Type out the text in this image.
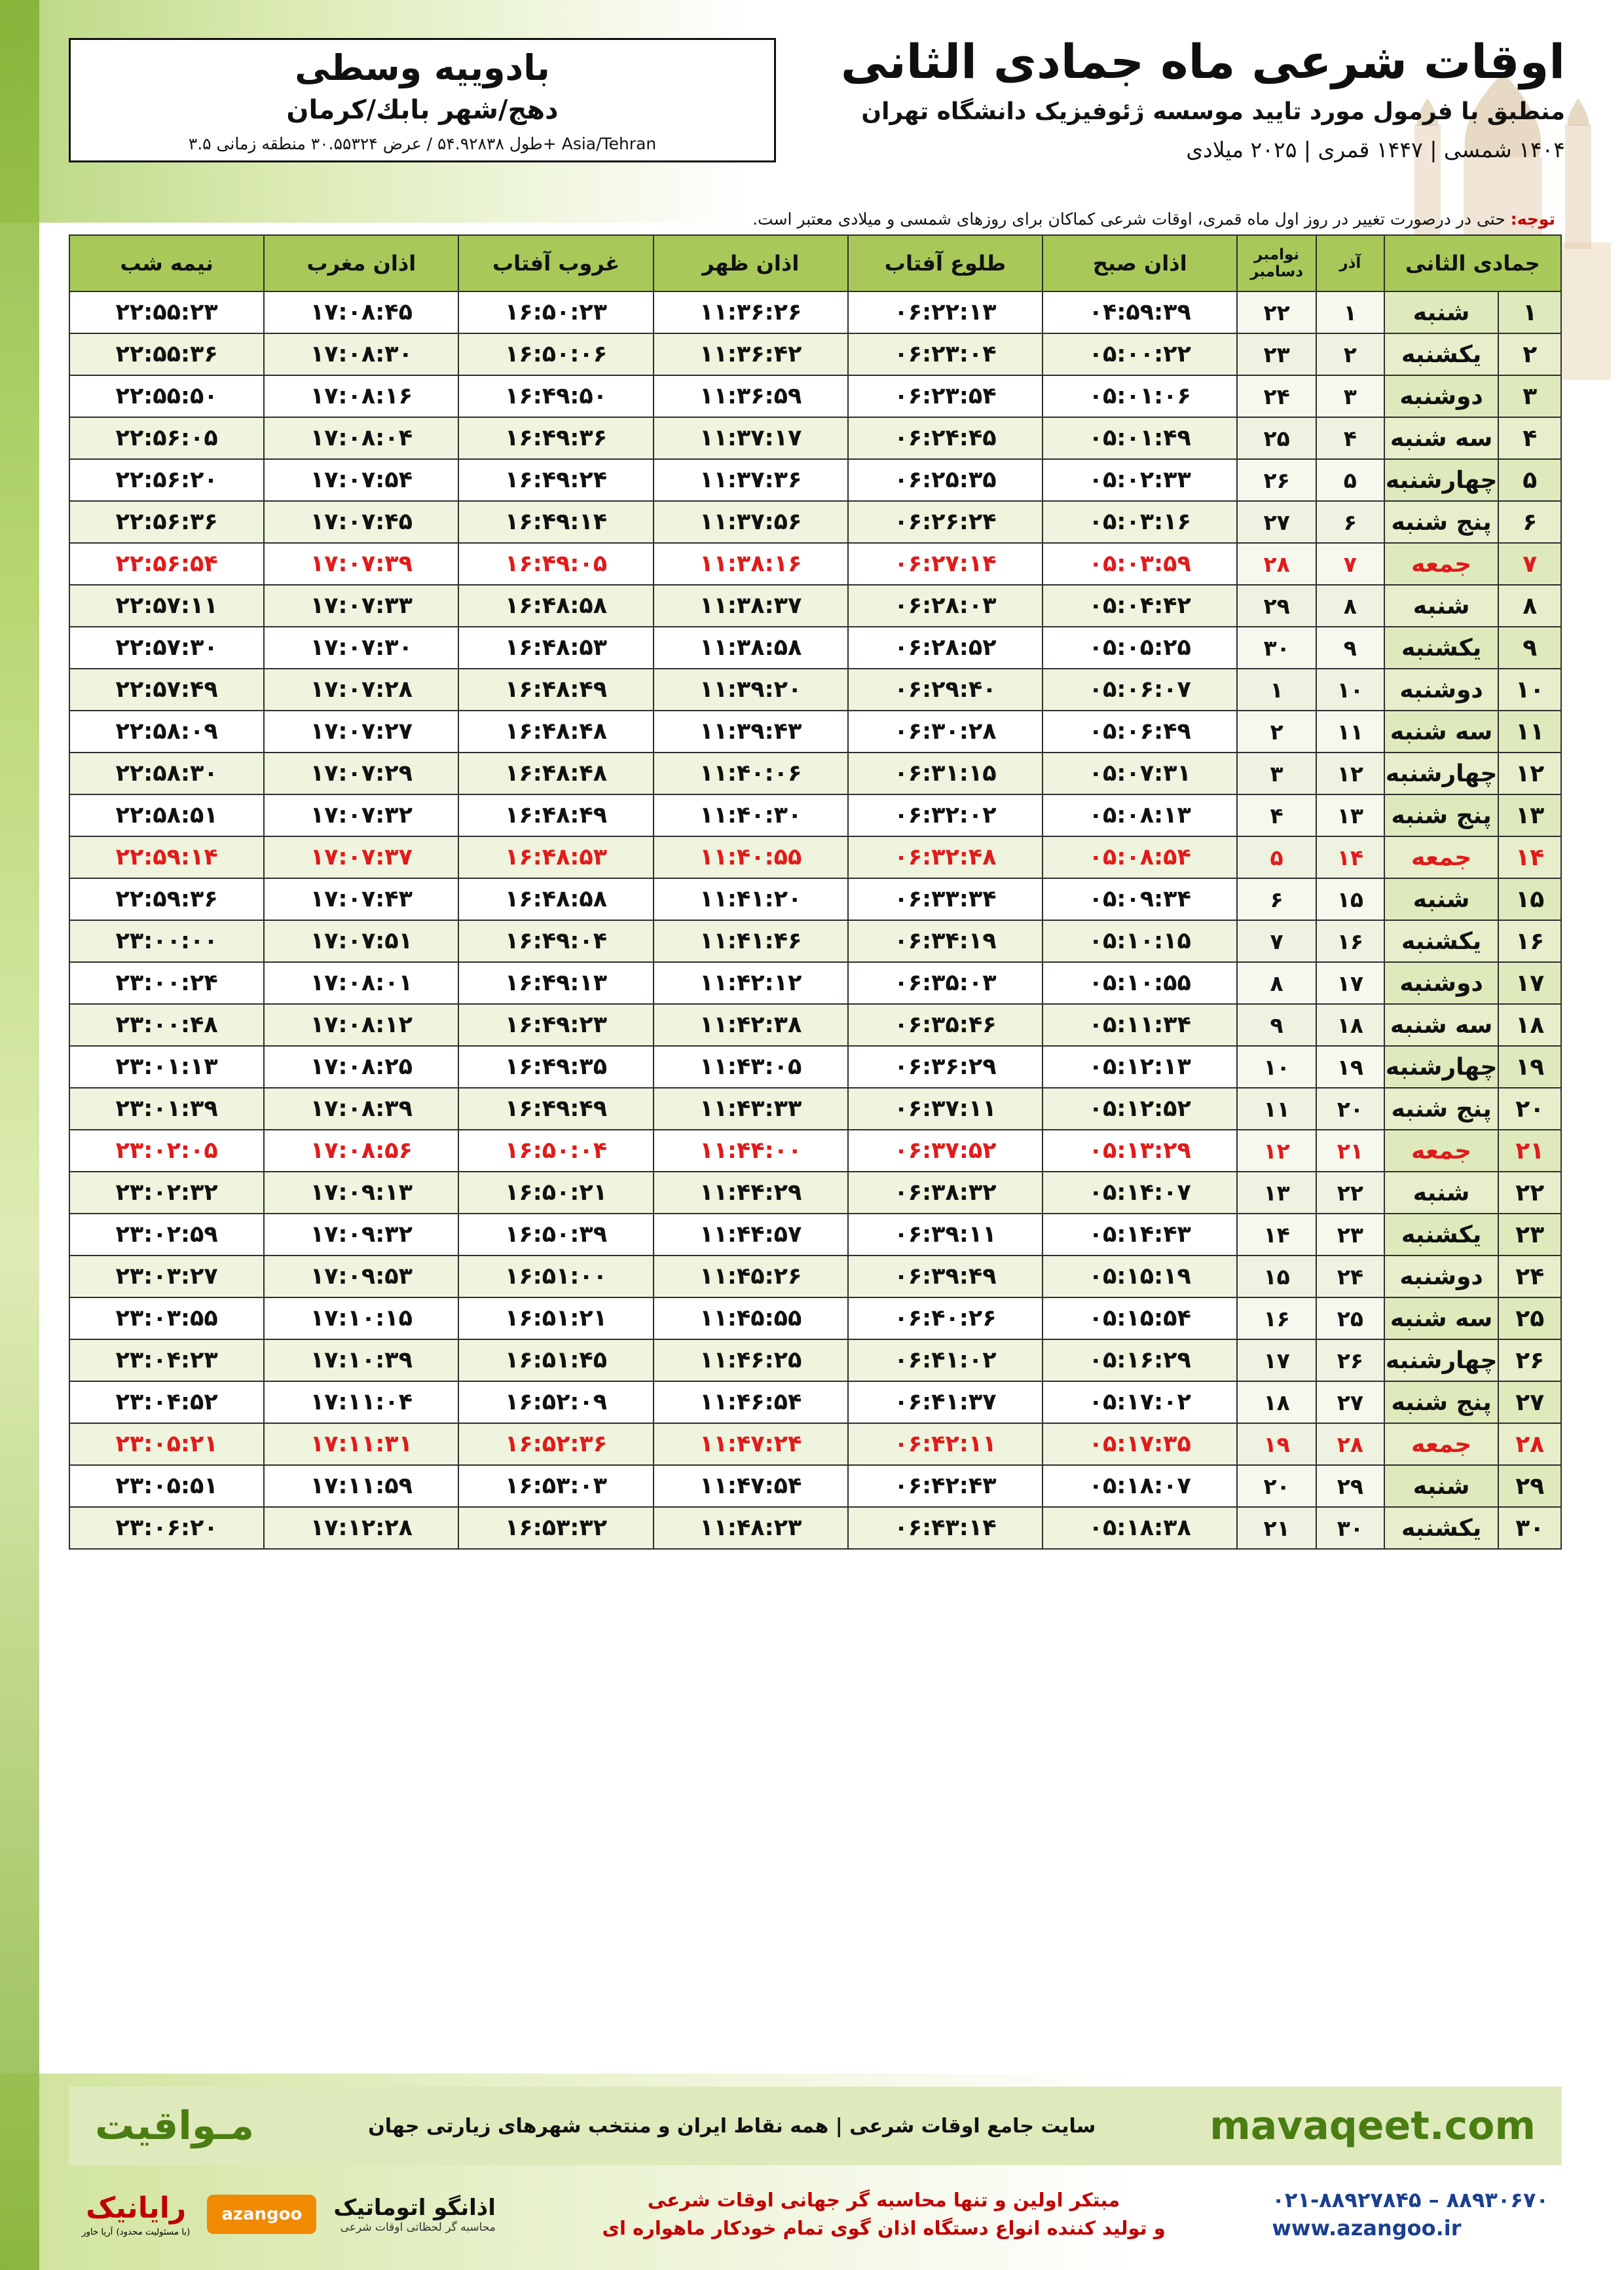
اوقات شرعی ماه جمادی الثانی
منطبق با فرمول مورد تایید موسسه ژئوفیزیک دانشگاه تهران
۱۴۰۴ شمسی | ۱۴۴۷ قمری | ۲۰۲۵ میلادی
بادوییه وسطی
دهج/شهر بابك/کرمان
طول ۵۴.۹۲۸۳۸ / عرض ۳۰.۵۵۳۲۴ منطقه زمانی ۳.۵+ Asia/Tehran
توجه: حتی در درصورت تغییر در روز اول ماه قمری، اوقات شرعی کماکان برای روزهای شمسی و میلادی معتبر است.
جمادی الثانی		آذر	نوامبر دسامبر	اذان صبح	طلوع آفتاب	اذان ظهر	غروب آفتاب	اذان مغرب	نیمه شب
۱	شنبه	۱	۲۲	۰۴:۵۹:۳۹	۰۶:۲۲:۱۳	۱۱:۳۶:۲۶	۱۶:۵۰:۲۳	۱۷:۰۸:۴۵	۲۲:۵۵:۲۳
۲	یکشنبه	۲	۲۳	۰۵:۰۰:۲۲	۰۶:۲۳:۰۴	۱۱:۳۶:۴۲	۱۶:۵۰:۰۶	۱۷:۰۸:۳۰	۲۲:۵۵:۳۶
۳	دوشنبه	۳	۲۴	۰۵:۰۱:۰۶	۰۶:۲۳:۵۴	۱۱:۳۶:۵۹	۱۶:۴۹:۵۰	۱۷:۰۸:۱۶	۲۲:۵۵:۵۰
۴	سه شنبه	۴	۲۵	۰۵:۰۱:۴۹	۰۶:۲۴:۴۵	۱۱:۳۷:۱۷	۱۶:۴۹:۳۶	۱۷:۰۸:۰۴	۲۲:۵۶:۰۵
۵	چهارشنبه	۵	۲۶	۰۵:۰۲:۳۳	۰۶:۲۵:۳۵	۱۱:۳۷:۳۶	۱۶:۴۹:۲۴	۱۷:۰۷:۵۴	۲۲:۵۶:۲۰
۶	پنج شنبه	۶	۲۷	۰۵:۰۳:۱۶	۰۶:۲۶:۲۴	۱۱:۳۷:۵۶	۱۶:۴۹:۱۴	۱۷:۰۷:۴۵	۲۲:۵۶:۳۶
۷	جمعه	۷	۲۸	۰۵:۰۳:۵۹	۰۶:۲۷:۱۴	۱۱:۳۸:۱۶	۱۶:۴۹:۰۵	۱۷:۰۷:۳۹	۲۲:۵۶:۵۴
۸	شنبه	۸	۲۹	۰۵:۰۴:۴۲	۰۶:۲۸:۰۳	۱۱:۳۸:۳۷	۱۶:۴۸:۵۸	۱۷:۰۷:۳۳	۲۲:۵۷:۱۱
۹	یکشنبه	۹	۳۰	۰۵:۰۵:۲۵	۰۶:۲۸:۵۲	۱۱:۳۸:۵۸	۱۶:۴۸:۵۳	۱۷:۰۷:۳۰	۲۲:۵۷:۳۰
۱۰	دوشنبه	۱۰	۱	۰۵:۰۶:۰۷	۰۶:۲۹:۴۰	۱۱:۳۹:۲۰	۱۶:۴۸:۴۹	۱۷:۰۷:۲۸	۲۲:۵۷:۴۹
۱۱	سه شنبه	۱۱	۲	۰۵:۰۶:۴۹	۰۶:۳۰:۲۸	۱۱:۳۹:۴۳	۱۶:۴۸:۴۸	۱۷:۰۷:۲۷	۲۲:۵۸:۰۹
۱۲	چهارشنبه	۱۲	۳	۰۵:۰۷:۳۱	۰۶:۳۱:۱۵	۱۱:۴۰:۰۶	۱۶:۴۸:۴۸	۱۷:۰۷:۲۹	۲۲:۵۸:۳۰
۱۳	پنج شنبه	۱۳	۴	۰۵:۰۸:۱۳	۰۶:۳۲:۰۲	۱۱:۴۰:۳۰	۱۶:۴۸:۴۹	۱۷:۰۷:۳۲	۲۲:۵۸:۵۱
۱۴	جمعه	۱۴	۵	۰۵:۰۸:۵۴	۰۶:۳۲:۴۸	۱۱:۴۰:۵۵	۱۶:۴۸:۵۳	۱۷:۰۷:۳۷	۲۲:۵۹:۱۴
۱۵	شنبه	۱۵	۶	۰۵:۰۹:۳۴	۰۶:۳۳:۳۴	۱۱:۴۱:۲۰	۱۶:۴۸:۵۸	۱۷:۰۷:۴۳	۲۲:۵۹:۳۶
۱۶	یکشنبه	۱۶	۷	۰۵:۱۰:۱۵	۰۶:۳۴:۱۹	۱۱:۴۱:۴۶	۱۶:۴۹:۰۴	۱۷:۰۷:۵۱	۲۳:۰۰:۰۰
۱۷	دوشنبه	۱۷	۸	۰۵:۱۰:۵۵	۰۶:۳۵:۰۳	۱۱:۴۲:۱۲	۱۶:۴۹:۱۳	۱۷:۰۸:۰۱	۲۳:۰۰:۲۴
۱۸	سه شنبه	۱۸	۹	۰۵:۱۱:۳۴	۰۶:۳۵:۴۶	۱۱:۴۲:۳۸	۱۶:۴۹:۲۳	۱۷:۰۸:۱۲	۲۳:۰۰:۴۸
۱۹	چهارشنبه	۱۹	۱۰	۰۵:۱۲:۱۳	۰۶:۳۶:۲۹	۱۱:۴۳:۰۵	۱۶:۴۹:۳۵	۱۷:۰۸:۲۵	۲۳:۰۱:۱۳
۲۰	پنج شنبه	۲۰	۱۱	۰۵:۱۲:۵۲	۰۶:۳۷:۱۱	۱۱:۴۳:۳۳	۱۶:۴۹:۴۹	۱۷:۰۸:۳۹	۲۳:۰۱:۳۹
۲۱	جمعه	۲۱	۱۲	۰۵:۱۳:۲۹	۰۶:۳۷:۵۲	۱۱:۴۴:۰۰	۱۶:۵۰:۰۴	۱۷:۰۸:۵۶	۲۳:۰۲:۰۵
۲۲	شنبه	۲۲	۱۳	۰۵:۱۴:۰۷	۰۶:۳۸:۳۲	۱۱:۴۴:۲۹	۱۶:۵۰:۲۱	۱۷:۰۹:۱۳	۲۳:۰۲:۳۲
۲۳	یکشنبه	۲۳	۱۴	۰۵:۱۴:۴۳	۰۶:۳۹:۱۱	۱۱:۴۴:۵۷	۱۶:۵۰:۳۹	۱۷:۰۹:۳۲	۲۳:۰۲:۵۹
۲۴	دوشنبه	۲۴	۱۵	۰۵:۱۵:۱۹	۰۶:۳۹:۴۹	۱۱:۴۵:۲۶	۱۶:۵۱:۰۰	۱۷:۰۹:۵۳	۲۳:۰۳:۲۷
۲۵	سه شنبه	۲۵	۱۶	۰۵:۱۵:۵۴	۰۶:۴۰:۲۶	۱۱:۴۵:۵۵	۱۶:۵۱:۲۱	۱۷:۱۰:۱۵	۲۳:۰۳:۵۵
۲۶	چهارشنبه	۲۶	۱۷	۰۵:۱۶:۲۹	۰۶:۴۱:۰۲	۱۱:۴۶:۲۵	۱۶:۵۱:۴۵	۱۷:۱۰:۳۹	۲۳:۰۴:۲۳
۲۷	پنج شنبه	۲۷	۱۸	۰۵:۱۷:۰۲	۰۶:۴۱:۳۷	۱۱:۴۶:۵۴	۱۶:۵۲:۰۹	۱۷:۱۱:۰۴	۲۳:۰۴:۵۲
۲۸	جمعه	۲۸	۱۹	۰۵:۱۷:۳۵	۰۶:۴۲:۱۱	۱۱:۴۷:۲۴	۱۶:۵۲:۳۶	۱۷:۱۱:۳۱	۲۳:۰۵:۲۱
۲۹	شنبه	۲۹	۲۰	۰۵:۱۸:۰۷	۰۶:۴۲:۴۳	۱۱:۴۷:۵۴	۱۶:۵۳:۰۳	۱۷:۱۱:۵۹	۲۳:۰۵:۵۱
۳۰	یکشنبه	۳۰	۲۱	۰۵:۱۸:۳۸	۰۶:۴۳:۱۴	۱۱:۴۸:۲۳	۱۶:۵۳:۳۲	۱۷:۱۲:۲۸	۲۳:۰۶:۲۰
mavaqeet.com
سایت جامع اوقات شرعی | همه نقاط ایران و منتخب شهرهای زیارتی جهان
مـواقیت
۰۲۱-۸۸۹۲۷۸۴۵ – ۸۸۹۳۰۶۷۰
www.azangoo.ir
مبتکر اولین و تنها محاسبه گر جهانی اوقات شرعی
و تولید کننده انواع دستگاه اذان گوی تمام خودکار ماهواره ای
اذانگو اتوماتیک
محاسبه گر لحظاتی اوقات شرعی
azangoo
رایانیک
(با مسئولیت محدود) آریا خاور
